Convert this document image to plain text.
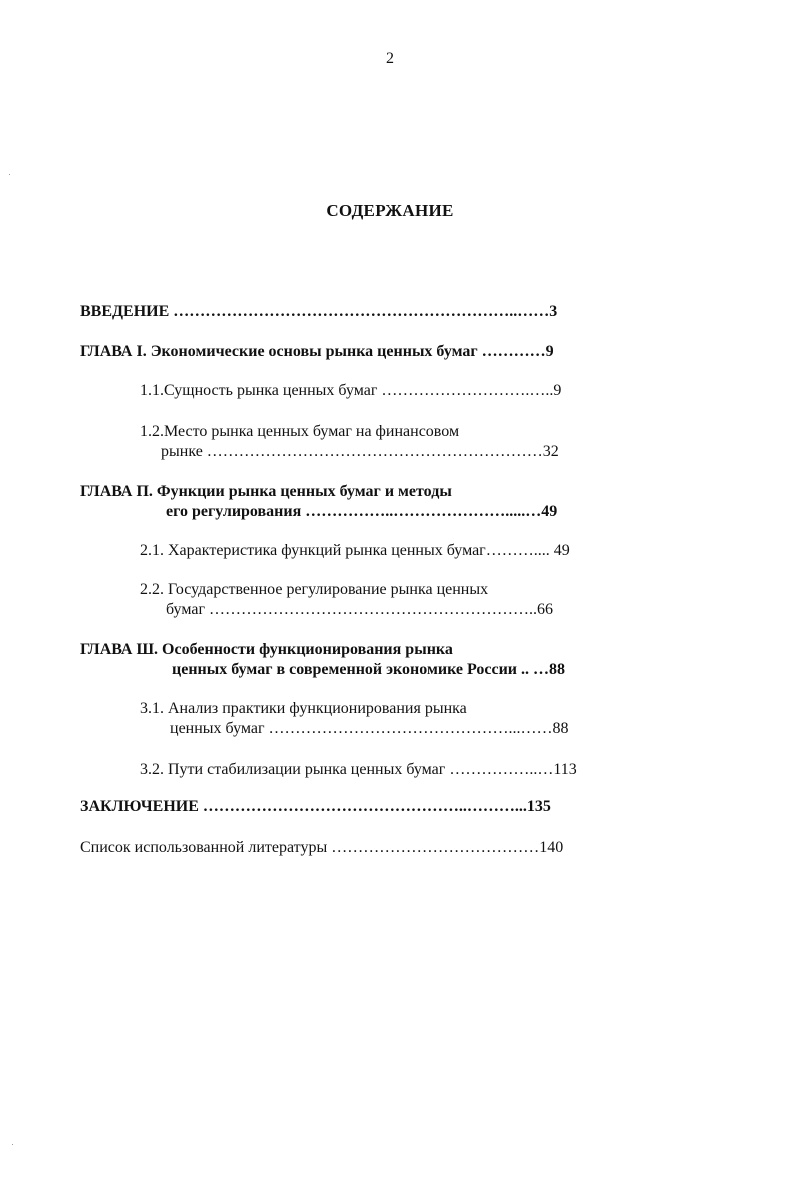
2
СОДЕРЖАНИЕ
ВВЕДЕНИЕ ………………………………………………………..……3
ГЛАВА I. Экономические основы рынка ценных бумаг …………9
1.1.Сущность рынка ценных бумаг ……………………….…..9
1.2.Место рынка ценных бумаг на финансовом
рынке ………………………………………………………32
ГЛАВА П. Функции рынка ценных бумаг и методы
его регулирования ……………..………………….....…49
2.1. Характеристика функций рынка ценных бумаг……….... 49
2.2. Государственное регулирование рынка ценных
бумаг ……………………………………………………..66
ГЛАВА Ш. Особенности функционирования рынка
ценных бумаг в современной экономике России .. …88
3.1. Анализ практики функционирования рынка
ценных бумаг ………………………………………...……88
3.2. Пути стабилизации рынка ценных бумаг ……………..…113
ЗАКЛЮЧЕНИЕ …………………………………………..………...135
Список использованной литературы …………………………………140
